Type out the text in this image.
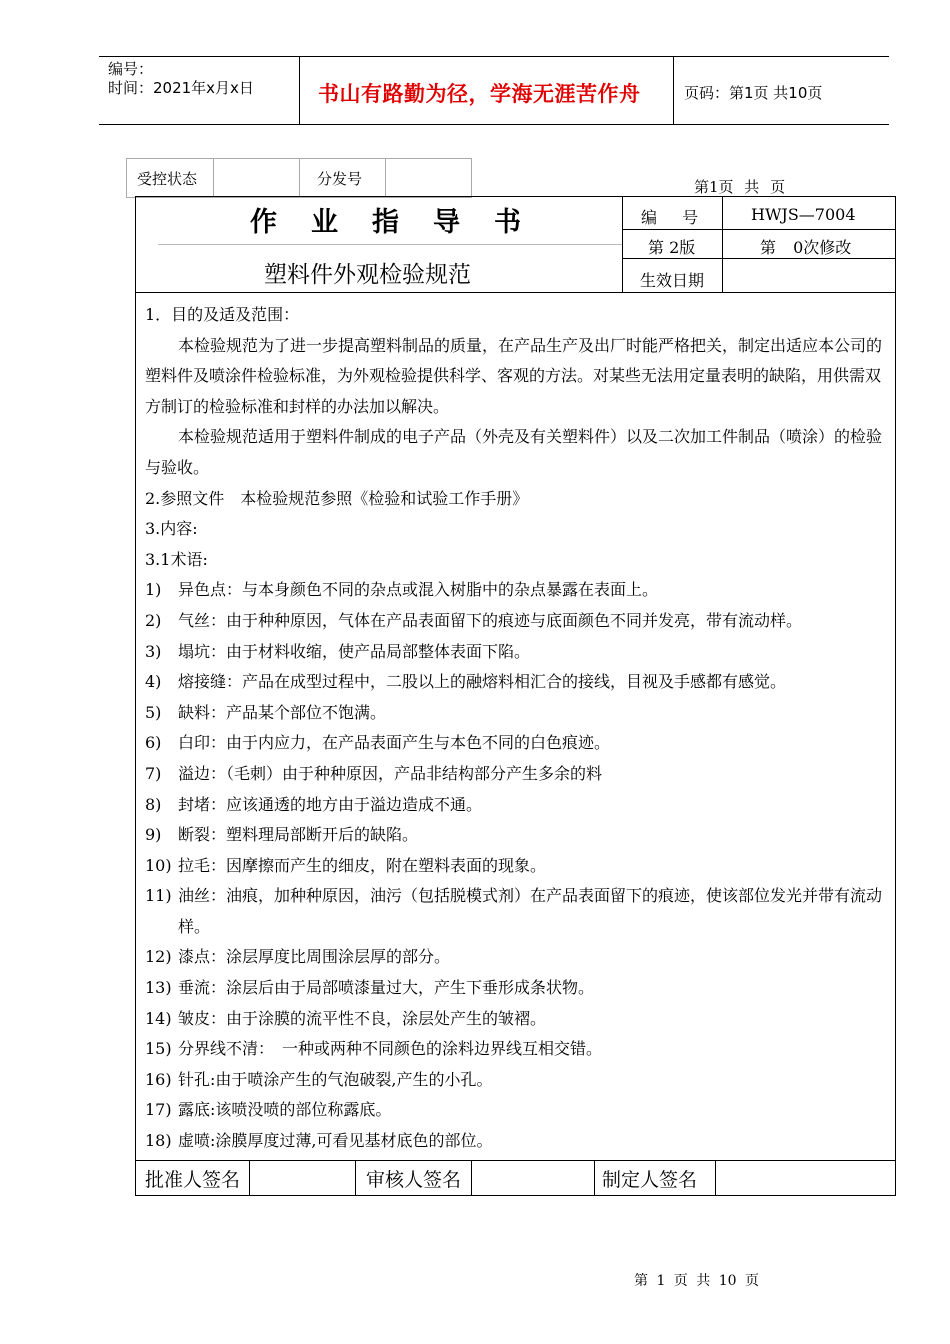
编号：
时间：2021年x月x日	书山有路勤为径，学海无涯苦作舟	页码：第1页 共10页
受控状态	分发号	第1页 共 页
作业指导书
塑料件外观检验规范
编 号	HWJS—7004
第 2版	第 0次修改
生效日期

1．目的及适及范围：

本检验规范为了进一步提高塑料制品的质量，在产品生产及出厂时能严格把关，制定出适应本公司的塑料件及喷涂件检验标准，为外观检验提供科学、客观的方法。对某些无法用定量表明的缺陷，用供需双方制订的检验标准和封样的办法加以解决。

本检验规范适用于塑料件制成的电子产品（外壳及有关塑料件）以及二次加工件制品（喷涂）的检验与验收。

2.参照文件　本检验规范参照《检验和试验工作手册》

3.内容:

3.1术语:

1)	异色点：与本身颜色不同的杂点或混入树脂中的杂点暴露在表面上。
2)	气丝：由于种种原因，气体在产品表面留下的痕迹与底面颜色不同并发亮，带有流动样。
3)	塌坑：由于材料收缩，使产品局部整体表面下陷。
4)	熔接缝：产品在成型过程中，二股以上的融熔料相汇合的接线，目视及手感都有感觉。
5)	缺料：产品某个部位不饱满。
6)	白印：由于内应力，在产品表面产生与本色不同的白色痕迹。
7)	溢边：（毛刺）由于种种原因，产品非结构部分产生多余的料
8)	封堵：应该通透的地方由于溢边造成不通。
9)	断裂：塑料理局部断开后的缺陷。
10) 拉毛：因摩擦而产生的细皮，附在塑料表面的现象。
11) 油丝：油痕，加种种原因，油污（包括脱模式剂）在产品表面留下的痕迹，使该部位发光并带有流动样。
12) 漆点：涂层厚度比周围涂层厚的部分。
13) 垂流：涂层后由于局部喷漆量过大，产生下垂形成条状物。
14) 皱皮：由于涂膜的流平性不良，涂层处产生的皱褶。
15) 分界线不清：　一种或两种不同颜色的涂料边界线互相交错。
16) 针孔:由于喷涂产生的气泡破裂,产生的小孔。
17) 露底:该喷没喷的部位称露底。
18) 虚喷:涂膜厚度过薄,可看见基材底色的部位。
批准人签名	审核人签名	制定人签名
第 1 页 共 10 页
